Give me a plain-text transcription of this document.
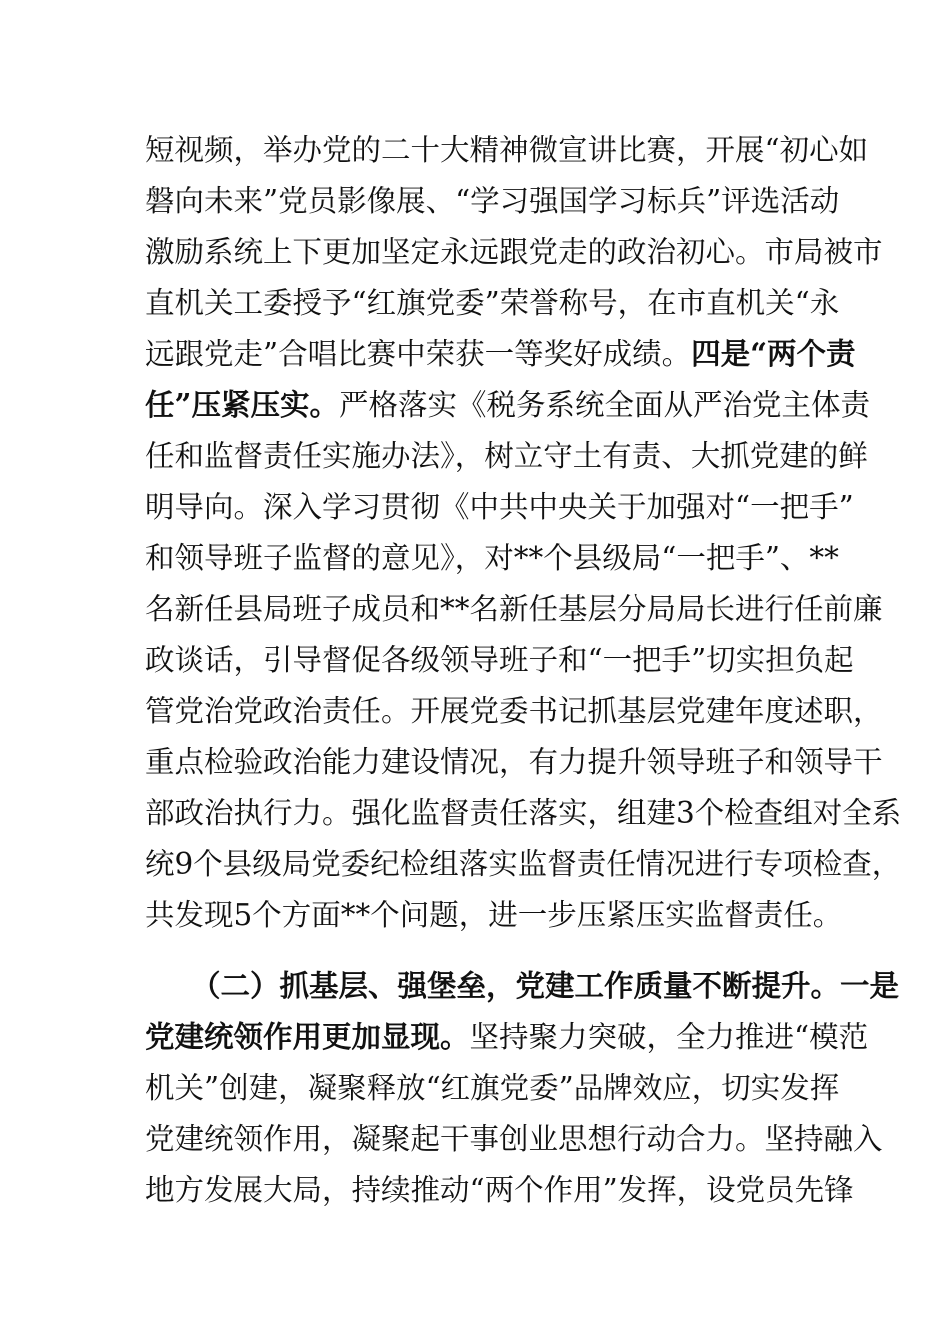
短视频，举办党的二十大精神微宣讲比赛，开展“初心如
磐向未来”党员影像展、“学习强国学习标兵”评选活动
激励系统上下更加坚定永远跟党走的政治初心。市局被市
直机关工委授予“红旗党委”荣誉称号，在市直机关“永
远跟党走”合唱比赛中荣获一等奖好成绩。四是“两个责
任”压紧压实。严格落实《税务系统全面从严治党主体责
任和监督责任实施办法》，树立守土有责、大抓党建的鲜
明导向。深入学习贯彻《中共中央关于加强对“一把手”
和领导班子监督的意见》，对**个县级局“一把手”、**
名新任县局班子成员和**名新任基层分局局长进行任前廉
政谈话，引导督促各级领导班子和“一把手”切实担负起
管党治党政治责任。开展党委书记抓基层党建年度述职，
重点检验政治能力建设情况，有力提升领导班子和领导干
部政治执行力。强化监督责任落实，组建3个检查组对全系
统9个县级局党委纪检组落实监督责任情况进行专项检查，
共发现5个方面**个问题，进一步压紧压实监督责任。
（二）抓基层、强堡垒，党建工作质量不断提升。一是
党建统领作用更加显现。坚持聚力突破，全力推进“模范
机关”创建，凝聚释放“红旗党委”品牌效应，切实发挥
党建统领作用，凝聚起干事创业思想行动合力。坚持融入
地方发展大局，持续推动“两个作用”发挥，设党员先锋
